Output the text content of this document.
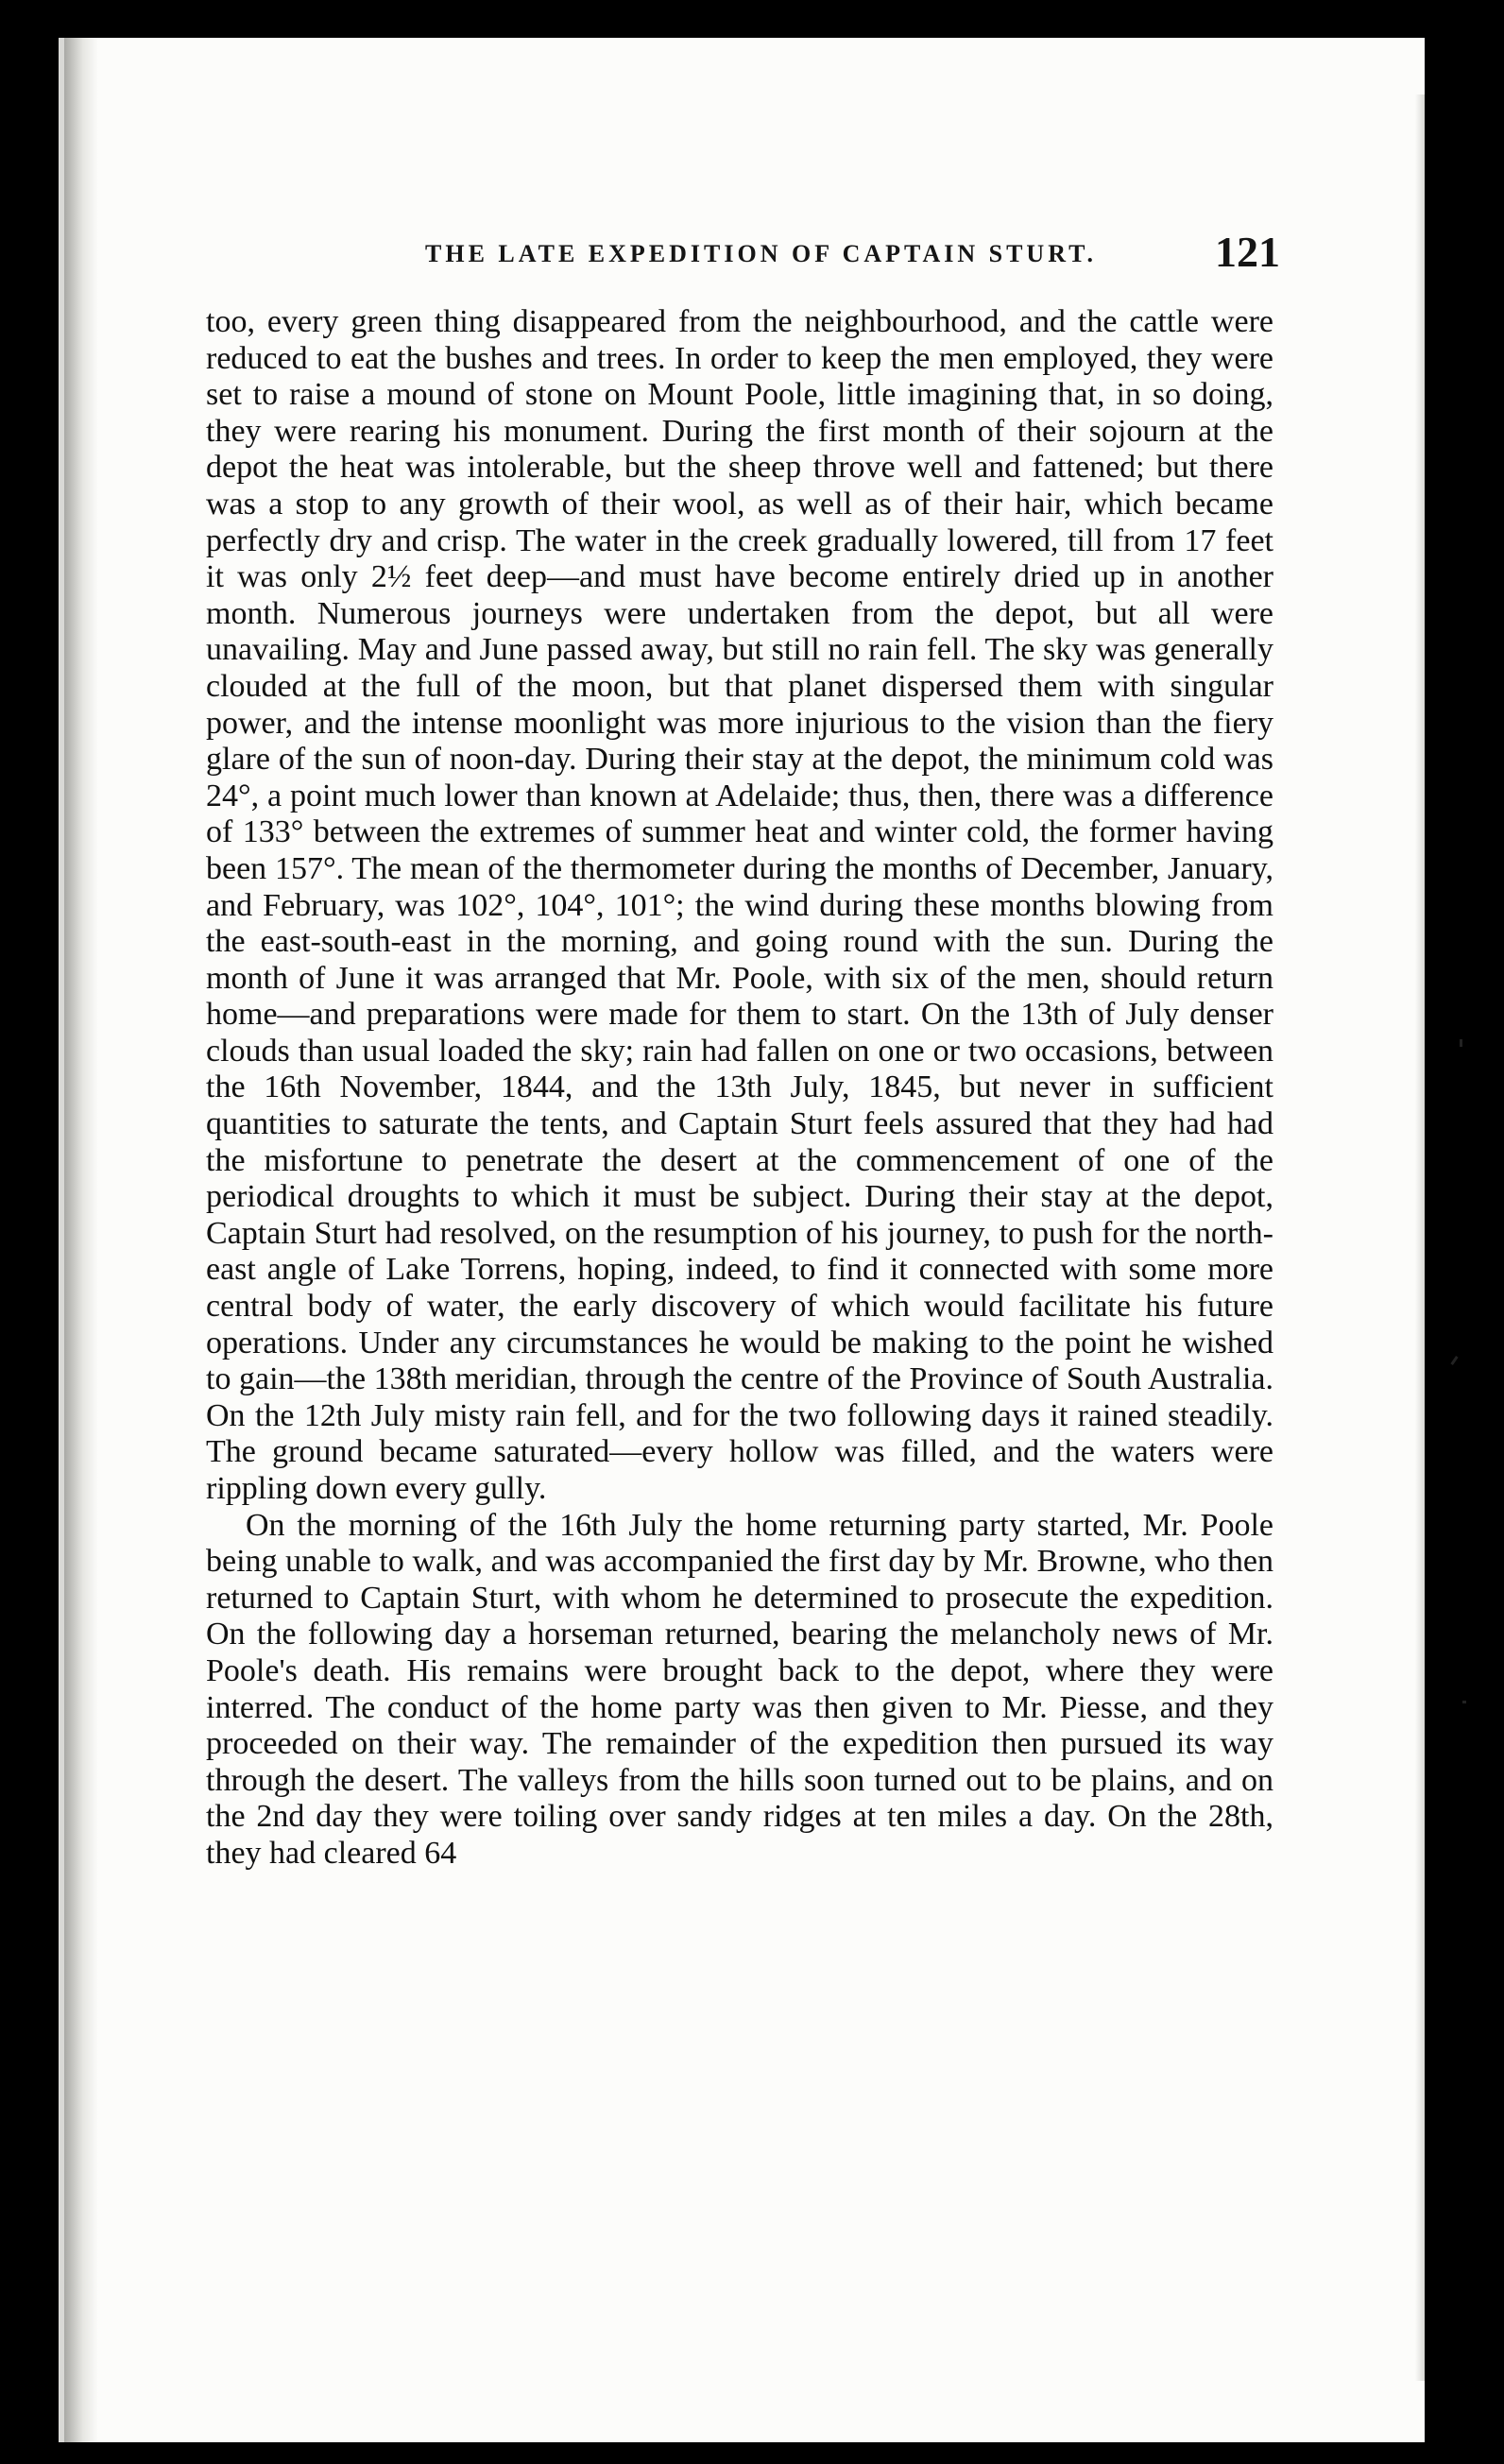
THE LATE EXPEDITION OF CAPTAIN STURT.	121

too, every green thing disappeared from the neighbourhood, and the cattle were reduced to eat the bushes and trees. In order to keep the men employed, they were set to raise a mound of stone on Mount Poole, little imagining that, in so doing, they were rearing his monument. During the first month of their sojourn at the depot the heat was intolerable, but the sheep throve well and fattened; but there was a stop to any growth of their wool, as well as of their hair, which became perfectly dry and crisp. The water in the creek gradually lowered, till from 17 feet it was only 2½ feet deep—and must have become entirely dried up in another month. Numerous journeys were undertaken from the depot, but all were unavailing. May and June passed away, but still no rain fell. The sky was generally clouded at the full of the moon, but that planet dispersed them with singular power, and the intense moonlight was more injurious to the vision than the fiery glare of the sun of noon-day. During their stay at the depot, the minimum cold was 24°, a point much lower than known at Adelaide; thus, then, there was a difference of 133° between the extremes of summer heat and winter cold, the former having been 157°. The mean of the thermometer during the months of December, January, and February, was 102°, 104°, 101°; the wind during these months blowing from the east-south-east in the morning, and going round with the sun. During the month of June it was arranged that Mr. Poole, with six of the men, should return home—and preparations were made for them to start. On the 13th of July denser clouds than usual loaded the sky; rain had fallen on one or two occasions, between the 16th November, 1844, and the 13th July, 1845, but never in sufficient quantities to saturate the tents, and Captain Sturt feels assured that they had had the misfortune to penetrate the desert at the commencement of one of the periodical droughts to which it must be subject. During their stay at the depot, Captain Sturt had resolved, on the resumption of his journey, to push for the north-east angle of Lake Torrens, hoping, indeed, to find it connected with some more central body of water, the early discovery of which would facilitate his future operations. Under any circumstances he would be making to the point he wished to gain—the 138th meridian, through the centre of the Province of South Australia. On the 12th July misty rain fell, and for the two following days it rained steadily. The ground became saturated—every hollow was filled, and the waters were rippling down every gully.

On the morning of the 16th July the home returning party started, Mr. Poole being unable to walk, and was accompanied the first day by Mr. Browne, who then returned to Captain Sturt, with whom he determined to prosecute the expedition. On the following day a horseman returned, bearing the melancholy news of Mr. Poole's death. His remains were brought back to the depot, where they were interred. The conduct of the home party was then given to Mr. Piesse, and they proceeded on their way. The remainder of the expedition then pursued its way through the desert. The valleys from the hills soon turned out to be plains, and on the 2nd day they were toiling over sandy ridges at ten miles a day. On the 28th, they had cleared 64
